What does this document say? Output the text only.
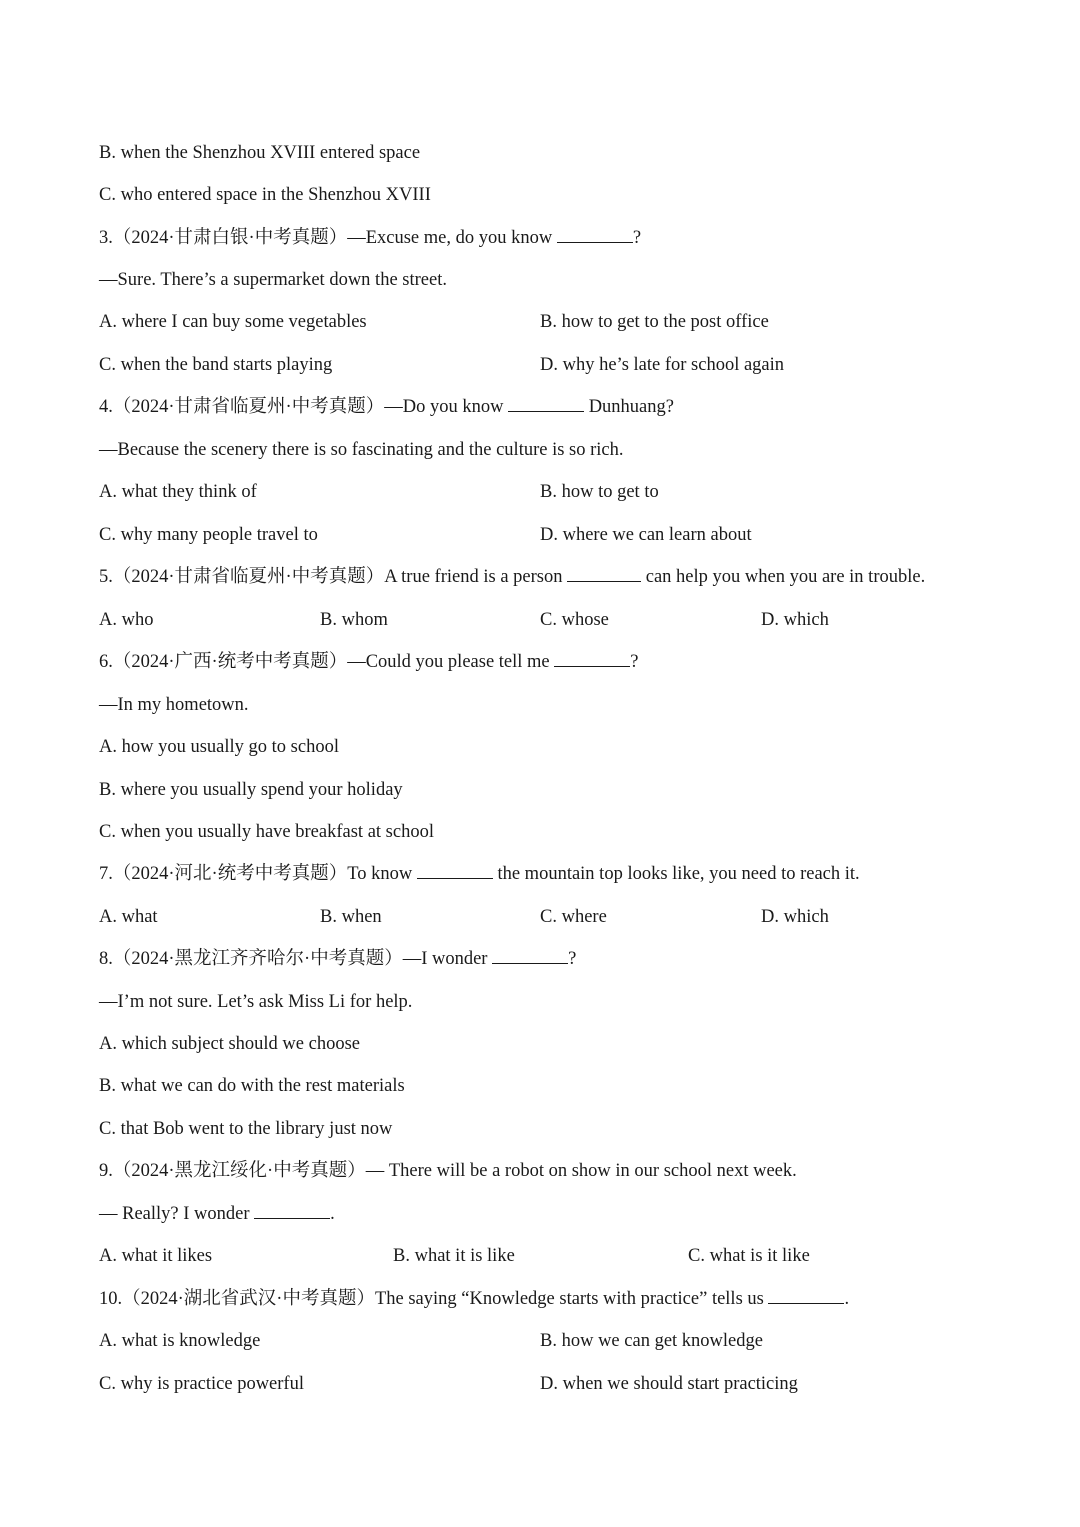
B. when the Shenzhou XVIII entered space
C. who entered space in the Shenzhou XVIII
3.（2024·甘肃白银·中考真题）—Excuse me, do you know	?
—Sure. There’s a supermarket down the street.
A. where I can buy some vegetables	B. how to get to the post office
C. when the band starts playing	D. why he’s late for school again
4.（2024·甘肃省临夏州·中考真题）—Do you know	Dunhuang?
—Because the scenery there is so fascinating and the culture is so rich.
A. what they think of	B. how to get to
C. why many people travel to	D. where we can learn about
5.（2024·甘肃省临夏州·中考真题）A true friend is a person	can help you when you are in trouble.
A. who	B. whom	C. whose	D. which
6.（2024·广西·统考中考真题）—Could you please tell me	?
—In my hometown.
A. how you usually go to school
B. where you usually spend your holiday
C. when you usually have breakfast at school
7.（2024·河北·统考中考真题）To know	the mountain top looks like, you need to reach it.
A. what	B. when	C. where	D. which
8.（2024·黑龙江齐齐哈尔·中考真题）—I wonder	?
—I’m not sure. Let’s ask Miss Li for help.
A. which subject should we choose
B. what we can do with the rest materials
C. that Bob went to the library just now
9.（2024·黑龙江绥化·中考真题）— There will be a robot on show in our school next week.
— Really? I wonder	.
A. what it likes	B. what it is like	C. what is it like
10.（2024·湖北省武汉·中考真题）The saying “Knowledge starts with practice” tells us	.
A. what is knowledge	B. how we can get knowledge
C. why is practice powerful	D. when we should start practicing
